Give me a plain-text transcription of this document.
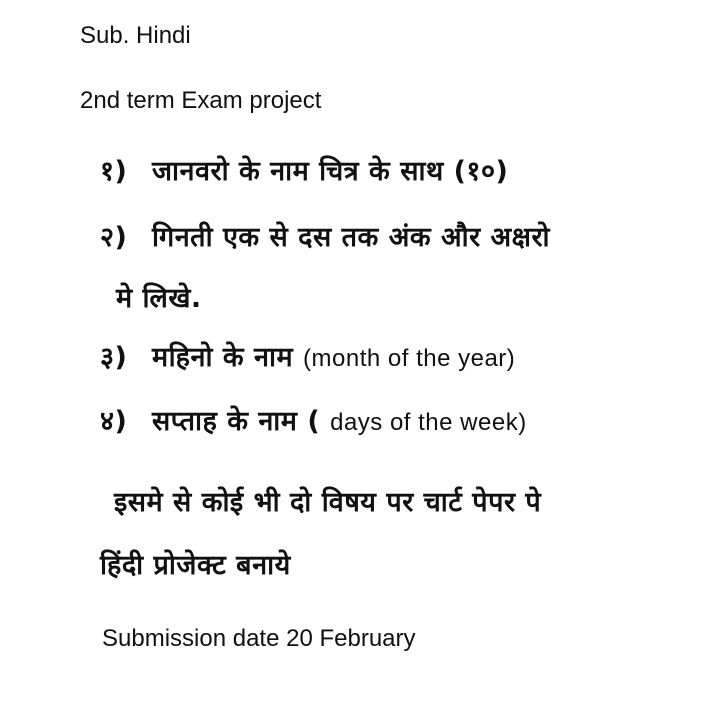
Sub. Hindi
2nd term Exam project
१) जानवरो के नाम चित्र के साथ (१०)
२) गिनती एक से दस तक अंक और अक्षरो
मे लिखे.
३) महिनो के नाम (month of the year)
४) सप्ताह के नाम ( days of the week)
इसमे से कोई भी दो विषय पर चार्ट पेपर पे
हिंदी प्रोजेक्ट बनाये
Submission date 20 February
